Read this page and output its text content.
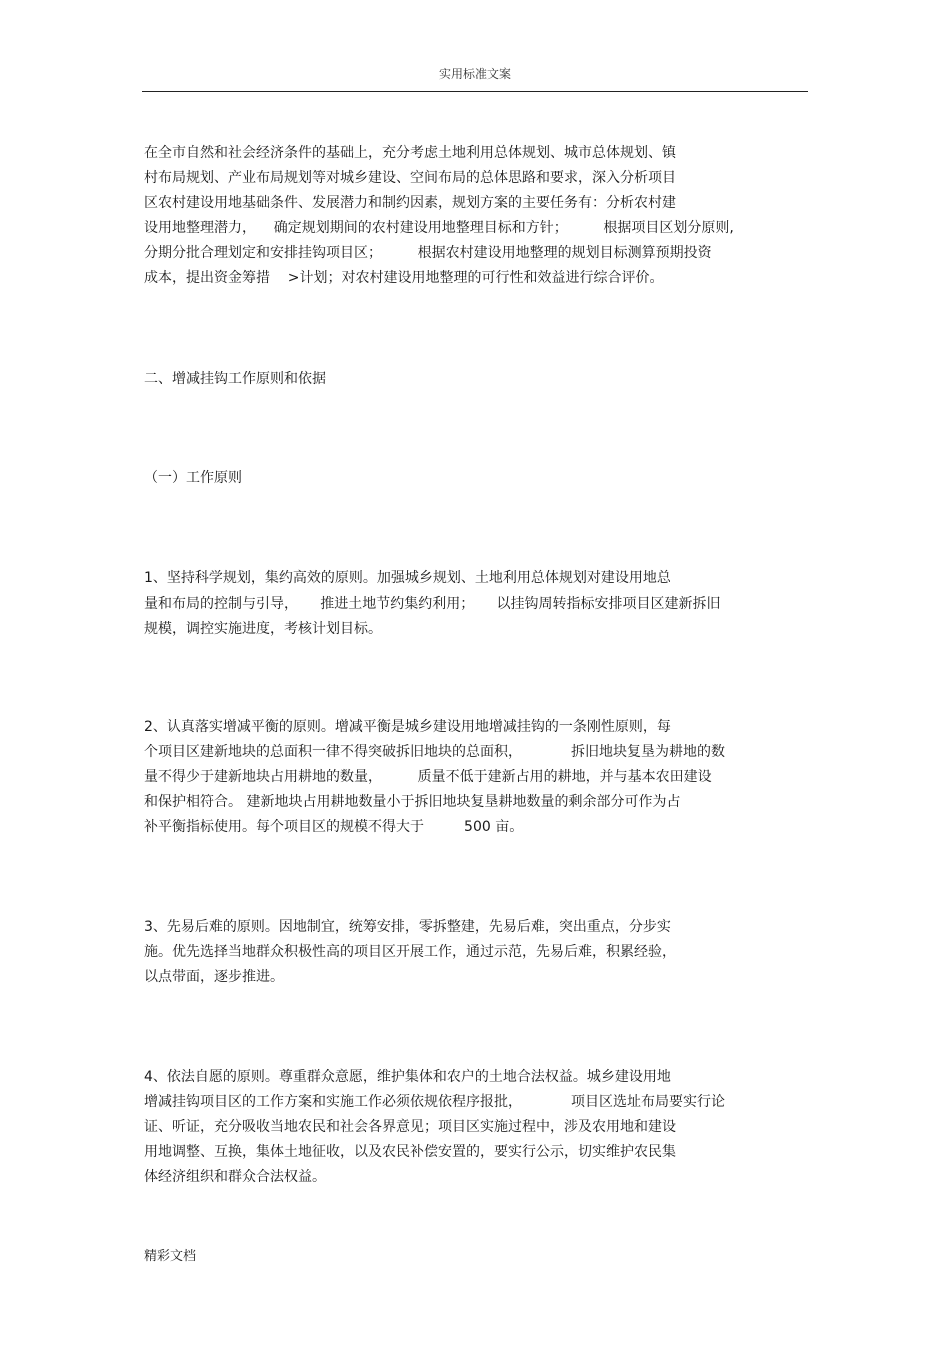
实用标准文案
在全市自然和社会经济条件的基础上，充分考虑土地利用总体规划、城市总体规划、镇
村布局规划、产业布局规划等对城乡建设、空间布局的总体思路和要求，深入分析项目
区农村建设用地基础条件、发展潜力和制约因素，规划方案的主要任务有：分析农村建
设用地整理潜力，    确定规划期间的农村建设用地整理目标和方针；        根据项目区划分原则,
分期分批合理划定和安排挂钩项目区；        根据农村建设用地整理的规划目标测算预期投资
成本，提出资金筹措    >计划；对农村建设用地整理的可行性和效益进行综合评价。
二、增减挂钩工作原则和依据
（一）工作原则
1、坚持科学规划，集约高效的原则。加强城乡规划、土地利用总体规划对建设用地总
量和布局的控制与引导，     推进土地节约集约利用；     以挂钩周转指标安排项目区建新拆旧
规模，调控实施进度，考核计划目标。
2、认真落实增减平衡的原则。增减平衡是城乡建设用地增减挂钩的一条刚性原则，每
个项目区建新地块的总面积一律不得突破拆旧地块的总面积，           拆旧地块复垦为耕地的数
量不得少于建新地块占用耕地的数量，        质量不低于建新占用的耕地，并与基本农田建设
和保护相符合。 建新地块占用耕地数量小于拆旧地块复垦耕地数量的剩余部分可作为占
补平衡指标使用。每个项目区的规模不得大于         500 亩。
3、先易后难的原则。因地制宜，统筹安排，零拆整建，先易后难，突出重点，分步实
施。优先选择当地群众积极性高的项目区开展工作，通过示范，先易后难，积累经验，
以点带面，逐步推进。
4、依法自愿的原则。尊重群众意愿，维护集体和农户的土地合法权益。城乡建设用地
增减挂钩项目区的工作方案和实施工作必须依规依程序报批，           项目区选址布局要实行论
证、听证，充分吸收当地农民和社会各界意见；项目区实施过程中，涉及农用地和建设
用地调整、互换，集体土地征收，以及农民补偿安置的，要实行公示，切实维护农民集
体经济组织和群众合法权益。
精彩文档
